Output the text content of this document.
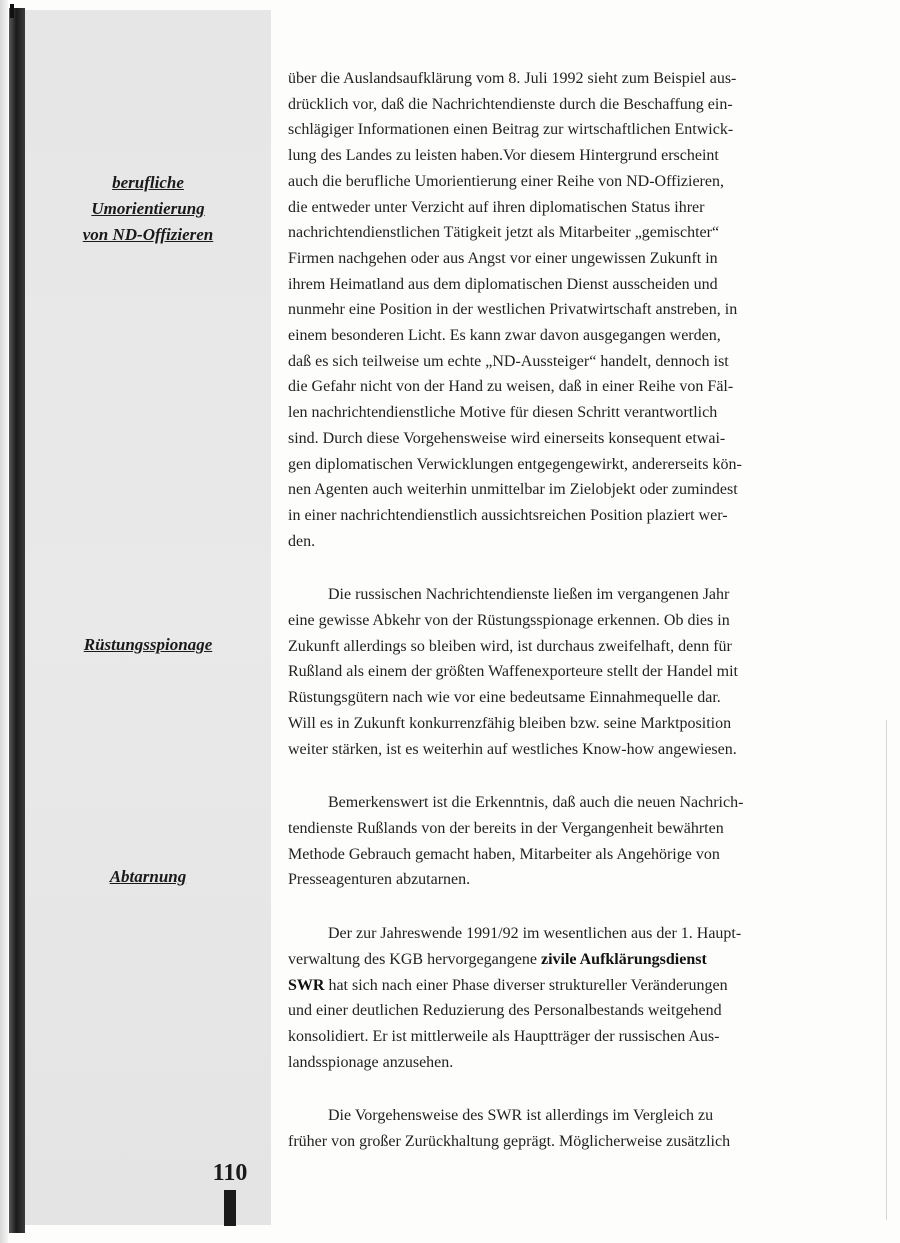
berufliche
Umorientierung
von ND-Offizieren

Rüstungsspionage

Abtarnung

110

über die Auslandsaufklärung vom 8. Juli 1992 sieht zum Beispiel aus-
drücklich vor, daß die Nachrichtendienste durch die Beschaffung ein-
schlägiger Informationen einen Beitrag zur wirtschaftlichen Entwick-
lung des Landes zu leisten haben.Vor diesem Hintergrund erscheint
auch die berufliche Umorientierung einer Reihe von ND-Offizieren,
die entweder unter Verzicht auf ihren diplomatischen Status ihrer
nachrichtendienstlichen Tätigkeit jetzt als Mitarbeiter „gemischter“
Firmen nachgehen oder aus Angst vor einer ungewissen Zukunft in
ihrem Heimatland aus dem diplomatischen Dienst ausscheiden und
nunmehr eine Position in der westlichen Privatwirtschaft anstreben, in
einem besonderen Licht. Es kann zwar davon ausgegangen werden,
daß es sich teilweise um echte „ND-Aussteiger“ handelt, dennoch ist
die Gefahr nicht von der Hand zu weisen, daß in einer Reihe von Fäl-
len nachrichtendienstliche Motive für diesen Schritt verantwortlich
sind. Durch diese Vorgehensweise wird einerseits konsequent etwai-
gen diplomatischen Verwicklungen entgegengewirkt, andererseits kön-
nen Agenten auch weiterhin unmittelbar im Zielobjekt oder zumindest
in einer nachrichtendienstlich aussichtsreichen Position plaziert wer-
den.

Die russischen Nachrichtendienste ließen im vergangenen Jahr
eine gewisse Abkehr von der Rüstungsspionage erkennen. Ob dies in
Zukunft allerdings so bleiben wird, ist durchaus zweifelhaft, denn für
Rußland als einem der größten Waffenexporteure stellt der Handel mit
Rüstungsgütern nach wie vor eine bedeutsame Einnahmequelle dar.
Will es in Zukunft konkurrenzfähig bleiben bzw. seine Marktposition
weiter stärken, ist es weiterhin auf westliches Know-how angewiesen.

Bemerkenswert ist die Erkenntnis, daß auch die neuen Nachrich-
tendienste Rußlands von der bereits in der Vergangenheit bewährten
Methode Gebrauch gemacht haben, Mitarbeiter als Angehörige von
Presseagenturen abzutarnen.

Der zur Jahreswende 1991/92 im wesentlichen aus der 1. Haupt-
verwaltung des KGB hervorgegangene zivile Aufklärungsdienst
SWR hat sich nach einer Phase diverser struktureller Veränderungen
und einer deutlichen Reduzierung des Personalbestands weitgehend
konsolidiert. Er ist mittlerweile als Hauptträger der russischen Aus-
landsspionage anzusehen.

Die Vorgehensweise des SWR ist allerdings im Vergleich zu
früher von großer Zurückhaltung geprägt. Möglicherweise zusätzlich
